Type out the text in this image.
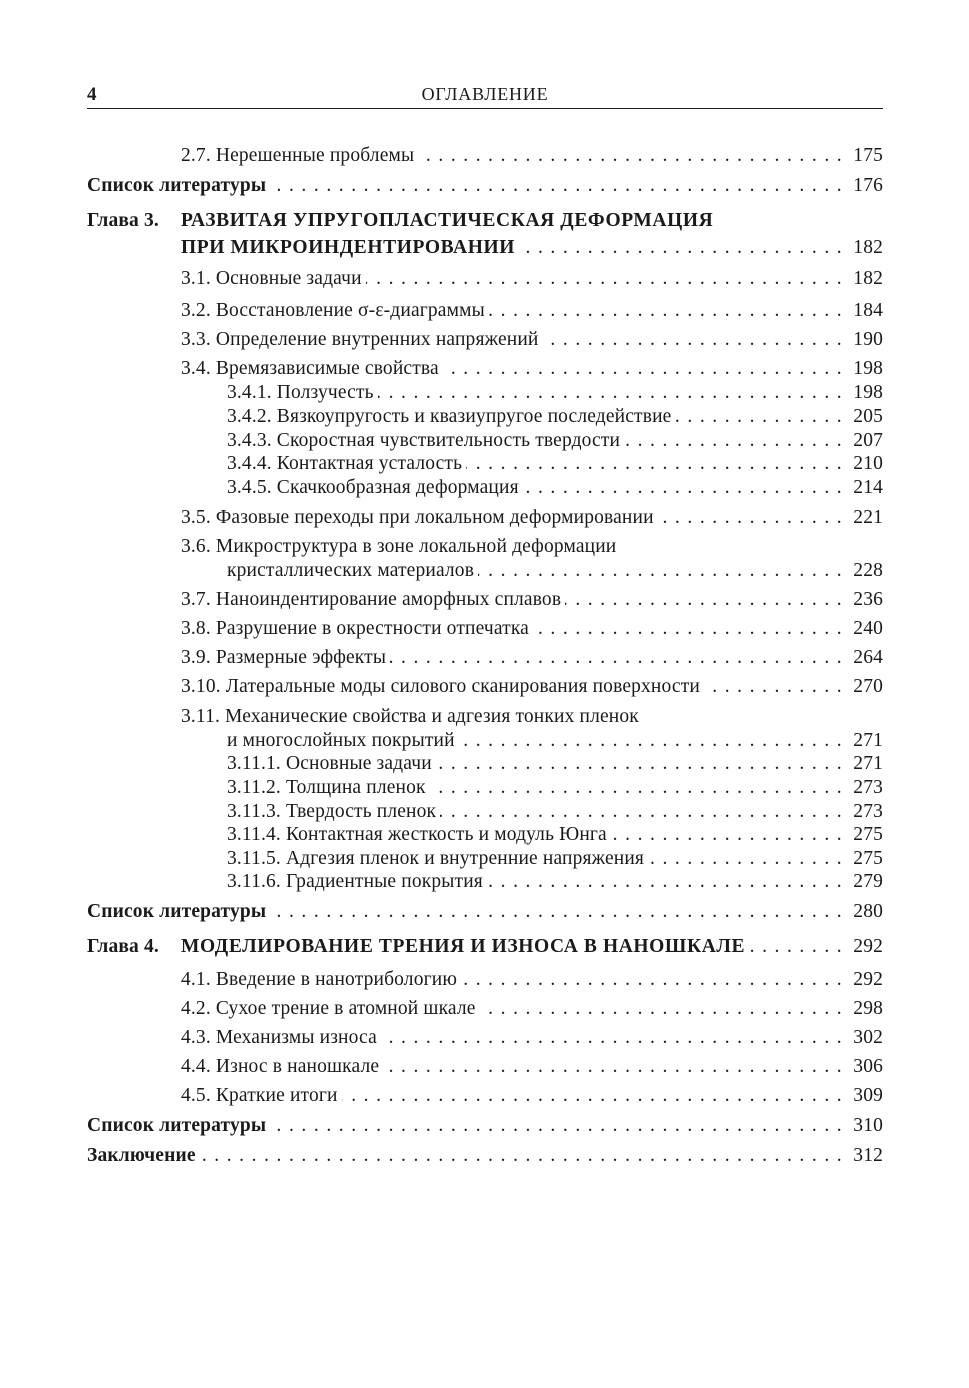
4	ОГЛАВЛЕНИЕ
2.7. Нерешенные проблемы . . .	175
Список литературы . . .	176
Глава 3. РАЗВИТАЯ УПРУГОПЛАСТИЧЕСКАЯ ДЕФОРМАЦИЯ
ПРИ МИКРОИНДЕНТИРОВАНИИ . . .	182
3.1. Основные задачи . . .	182
3.2. Восстановление σ-ε-диаграммы . . .	184
3.3. Определение внутренних напряжений . . .	190
3.4. Времязависимые свойства . . .	198
3.4.1. Ползучесть . . .	198
3.4.2. Вязкоупругость и квазиупругое последействие . . .	205
3.4.3. Скоростная чувствительность твердости . . .	207
3.4.4. Контактная усталость . . .	210
3.4.5. Скачкообразная деформация . . .	214
3.5. Фазовые переходы при локальном деформировании . . .	221
3.6. Микроструктура в зоне локальной деформации
кристаллических материалов . . .	228
3.7. Наноиндентирование аморфных сплавов . . .	236
3.8. Разрушение в окрестности отпечатка . . .	240
3.9. Размерные эффекты . . .	264
3.10. Латеральные моды силового сканирования поверхности . . .	270
3.11. Механические свойства и адгезия тонких пленок
и многослойных покрытий . . .	271
3.11.1. Основные задачи . . .	271
3.11.2. Толщина пленок . . .	273
3.11.3. Твердость пленок . . .	273
3.11.4. Контактная жесткость и модуль Юнга . . .	275
3.11.5. Адгезия пленок и внутренние напряжения . . .	275
3.11.6. Градиентные покрытия . . .	279
Список литературы . . .	280
Глава 4. МОДЕЛИРОВАНИЕ ТРЕНИЯ И ИЗНОСА В НАНОШКАЛЕ . . .	292
4.1. Введение в нанотрибологию . . .	292
4.2. Сухое трение в атомной шкале . . .	298
4.3. Механизмы износа . . .	302
4.4. Износ в наношкале . . .	306
4.5. Краткие итоги . . .	309
Список литературы . . .	310
Заключение . . .	312
